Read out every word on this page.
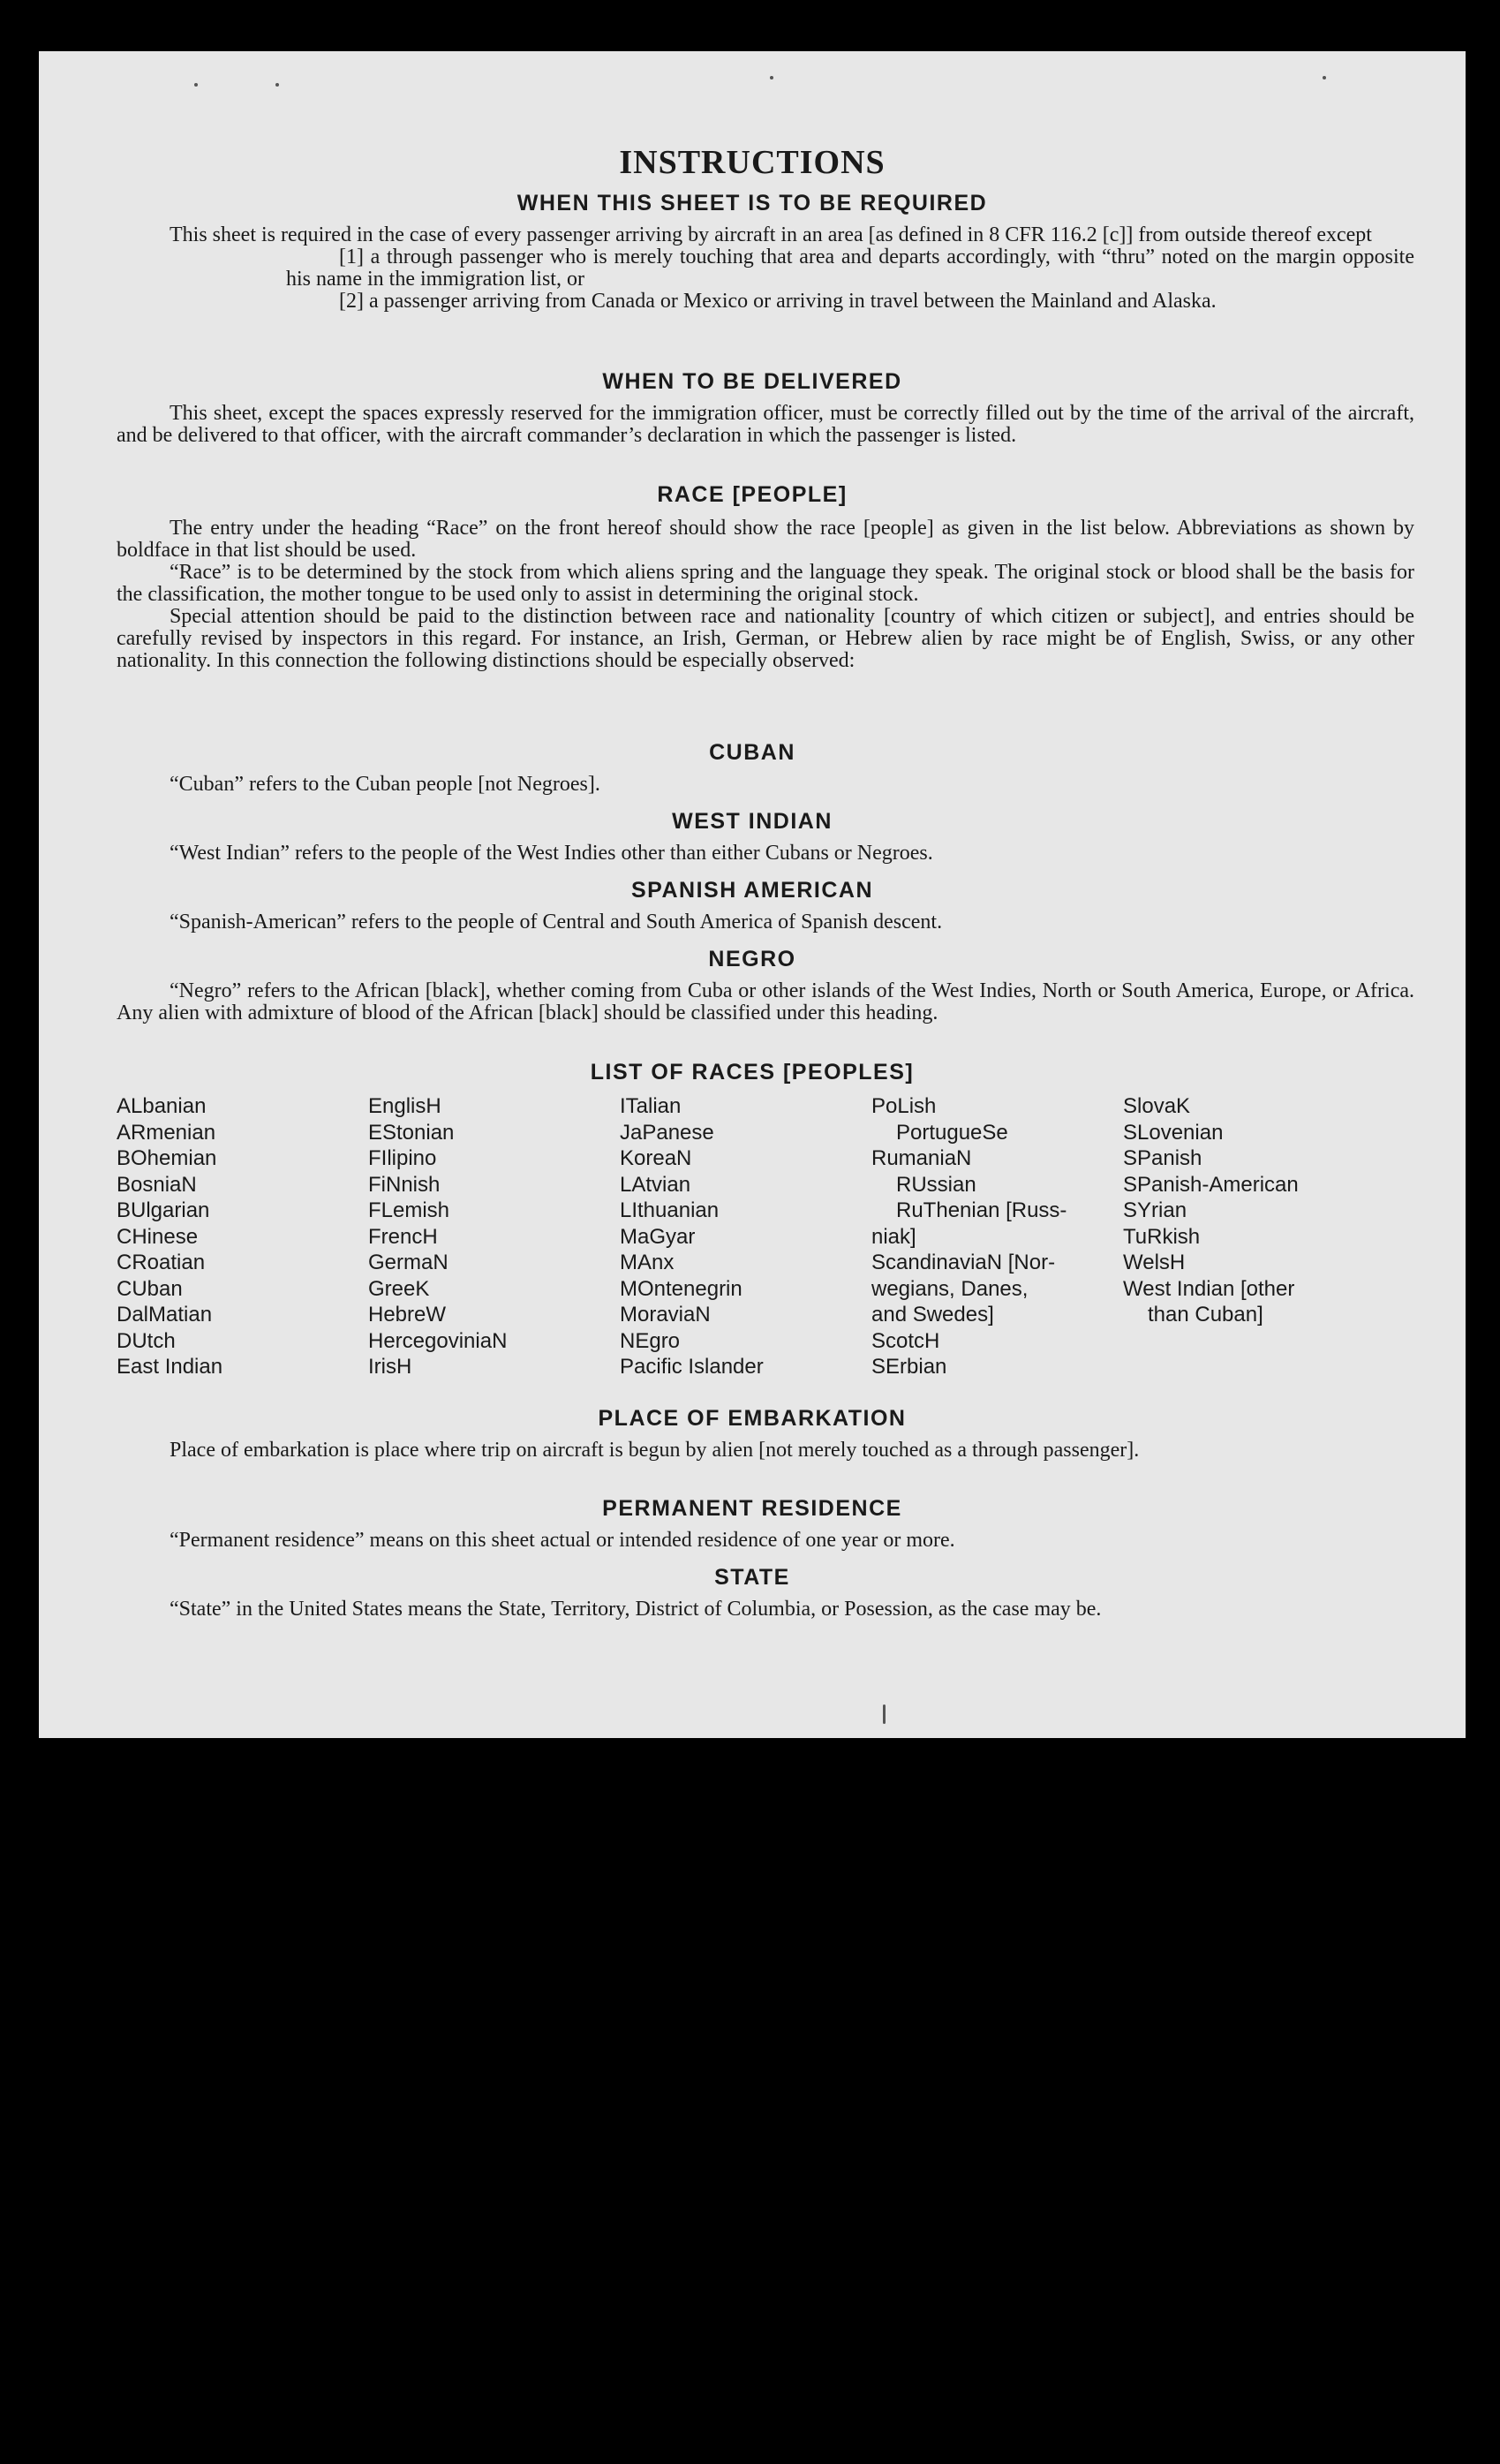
INSTRUCTIONS
WHEN THIS SHEET IS TO BE REQUIRED

This sheet is required in the case of every passenger arriving by aircraft in an area [as defined in 8 CFR 116.2 [c]] from outside thereof except

[1] a through passenger who is merely touching that area and departs accordingly, with “thru” noted on the margin opposite his name in the immigration list, or

[2] a passenger arriving from Canada or Mexico or arriving in travel between the Mainland and Alaska.

WHEN TO BE DELIVERED

This sheet, except the spaces expressly reserved for the immigration officer, must be correctly filled out by the time of the arrival of the aircraft, and be delivered to that officer, with the aircraft commander’s declaration in which the passenger is listed.

RACE [PEOPLE]

The entry under the heading “Race” on the front hereof should show the race [people] as given in the list below. Abbreviations as shown by boldface in that list should be used.

“Race” is to be determined by the stock from which aliens spring and the language they speak. The original stock or blood shall be the basis for the classification, the mother tongue to be used only to assist in determining the original stock.

Special attention should be paid to the distinction between race and nationality [country of which citizen or subject], and entries should be carefully revised by inspectors in this regard. For instance, an Irish, German, or Hebrew alien by race might be of English, Swiss, or any other nationality. In this connection the following distinctions should be especially observed:

CUBAN

“Cuban” refers to the Cuban people [not Negroes].

WEST INDIAN

“West Indian” refers to the people of the West Indies other than either Cubans or Negroes.

SPANISH AMERICAN

“Spanish-American” refers to the people of Central and South America of Spanish descent.

NEGRO

“Negro” refers to the African [black], whether coming from Cuba or other islands of the West Indies, North or South America, Europe, or Africa. Any alien with admixture of blood of the African [black] should be classified under this heading.

LIST OF RACES [PEOPLES]
ALbanian
ARmenian
BOhemian
BosniaN
BUlgarian
CHinese
CRoatian
CUban
DalMatian
DUtch
East Indian
EnglisH
EStonian
FIlipino
FiNnish
FLemish
FrencH
GermaN
GreeK
HebreW
HercegoviniaN
IrisH
ITalian
JaPanese
KoreaN
LAtvian
LIthuanian
MaGyar
MAnx
MOntenegrin
MoraviaN
NEgro
Pacific Islander
PoLish
PortugueSe
RumaniaN
RUssian
RuThenian [Russ-
niak]
ScandinaviaN [Nor-
wegians, Danes,
and Swedes]
ScotcH
SErbian
SlovaK
SLovenian
SPanish
SPanish-American
SYrian
TuRkish
WelsH
West Indian [other
than Cuban]
PLACE OF EMBARKATION

Place of embarkation is place where trip on aircraft is begun by alien [not merely touched as a through passenger].

PERMANENT RESIDENCE

“Permanent residence” means on this sheet actual or intended residence of one year or more.

STATE

“State” in the United States means the State, Territory, District of Columbia, or Posession, as the case may be.
